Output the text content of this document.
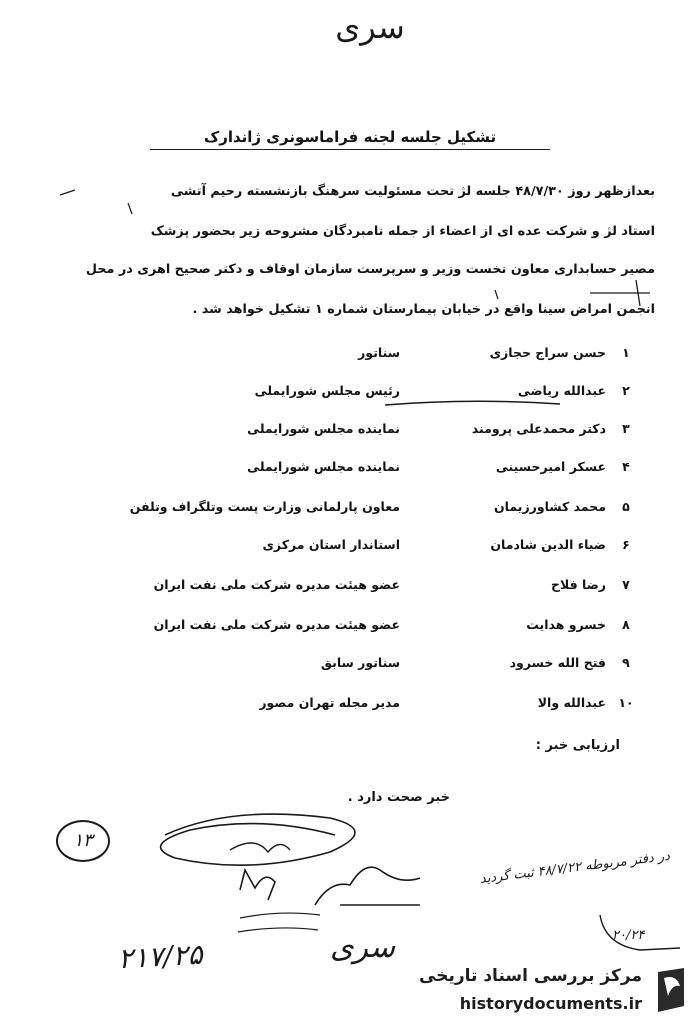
سری
تشکیل جلسه لجنه فراماسونری ژاندارک
بعدازظهر روز ۴۸/۷/۳۰ جلسه لژ تحت مسئولیت سرهنگ بازنشسته رحیم آتشی
استاد لژ و شرکت عده ای از اعضاء از جمله نامبردگان مشروحه زیر بحضور پزشک
مصیر حسابداری معاون نخست وزیر و سرپرست سازمان اوقاف و دکتر صحیح اهری در محل
انجمن امراض سینا واقع در خیابان بیمارستان شماره ۱ تشکیل خواهد شد .
۱
حسن سراج حجازی
سناتور
۲
عبدالله ریاضی
رئیس مجلس شورایملی
۳
دکتر محمدعلی پرومند
نماینده مجلس شورایملی
۴
عسکر امیرحسینی
نماینده مجلس شورایملی
۵
محمد کشاورزیمان
معاون پارلمانی وزارت پست وتلگراف وتلفن
۶
ضیاء الدین شادمان
استاندار استان مرکزی
۷
رضا فلاح
عضو هیئت مدیره شرکت ملی نفت ایران
۸
خسرو هدایت
عضو هیئت مدیره شرکت ملی نفت ایران
۹
فتح الله خسرود
سناتور سابق
۱۰
عبدالله والا
مدیر مجله تهران مصور
ارزیابی خبر :
خبر صحت دارد .
۱۳
در دفتر مربوطه ۴۸/۷/۲۲ ثبت گردید
۲۰/۲۴
۲۱۷/۲۵	سری
مرکز بررسی اسناد تاریخی
historydocuments.ir
